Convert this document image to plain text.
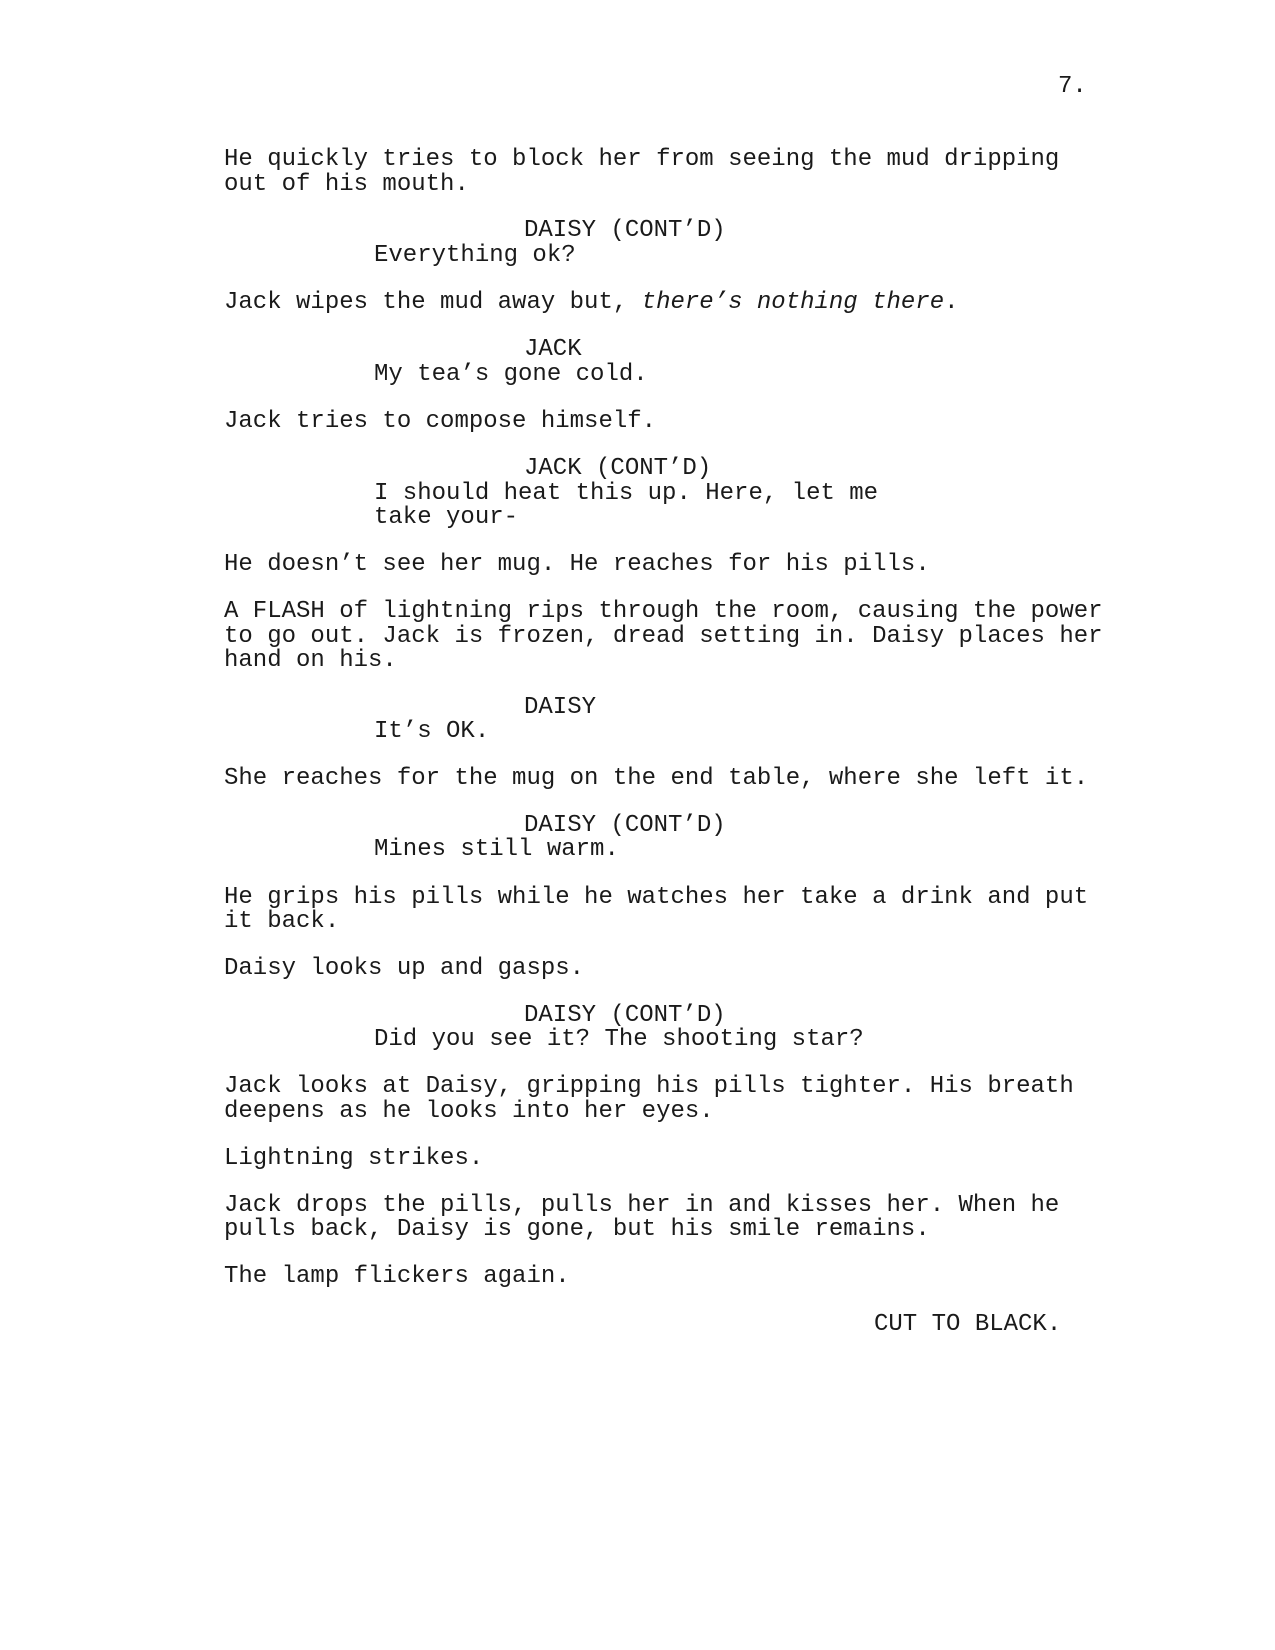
7.
He quickly tries to block her from seeing the mud dripping
out of his mouth.
DAISY (CONT’D)
Everything ok?
Jack wipes the mud away but, there’s nothing there.
JACK
My tea’s gone cold.
Jack tries to compose himself.
JACK (CONT’D)
I should heat this up. Here, let me
take your-
He doesn’t see her mug. He reaches for his pills.
A FLASH of lightning rips through the room, causing the power
to go out. Jack is frozen, dread setting in. Daisy places her
hand on his.
DAISY
It’s OK.
She reaches for the mug on the end table, where she left it.
DAISY (CONT’D)
Mines still warm.
He grips his pills while he watches her take a drink and put
it back.
Daisy looks up and gasps.
DAISY (CONT’D)
Did you see it? The shooting star?
Jack looks at Daisy, gripping his pills tighter. His breath
deepens as he looks into her eyes.
Lightning strikes.
Jack drops the pills, pulls her in and kisses her. When he
pulls back, Daisy is gone, but his smile remains.
The lamp flickers again.
CUT TO BLACK.
